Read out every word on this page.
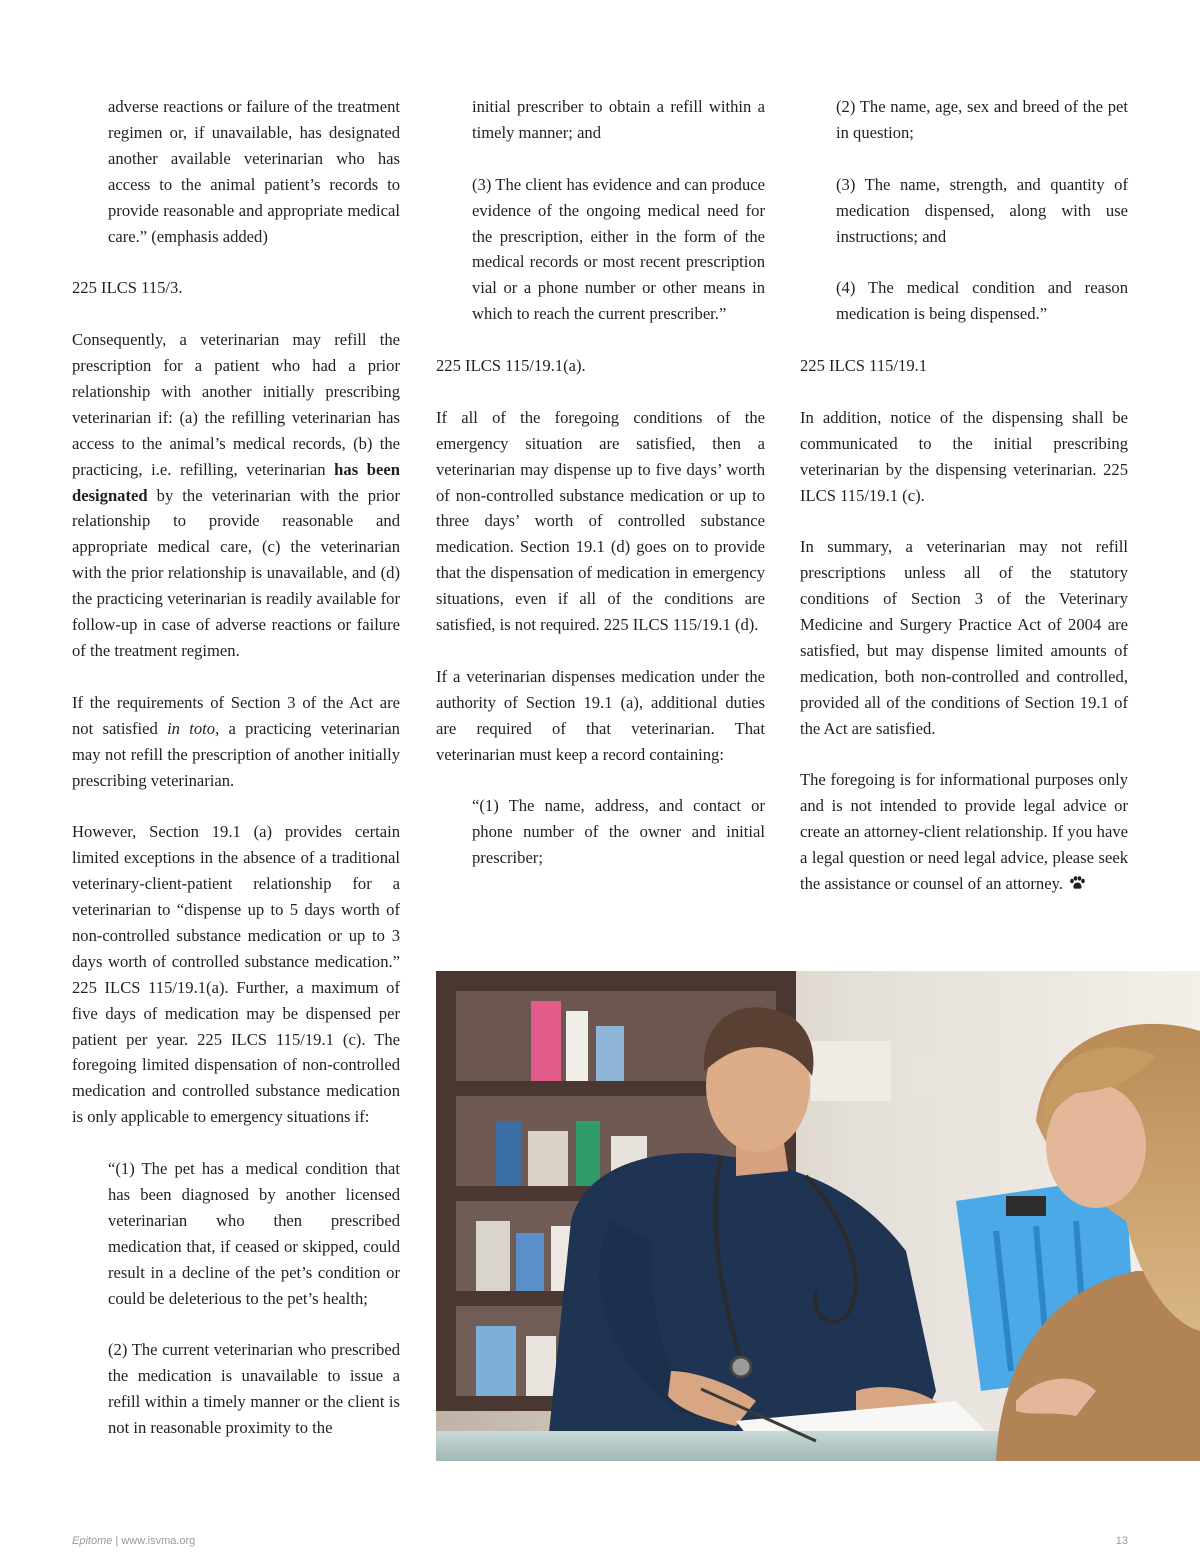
adverse reactions or failure of the treatment regimen or, if unavailable, has designated another available veterinarian who has access to the animal patient’s records to provide reasonable and appropriate medical care.” (emphasis added)

225 ILCS 115/3.

Consequently, a veterinarian may refill the prescription for a patient who had a prior relationship with another initially prescribing veterinarian if: (a) the refilling veterinarian has access to the animal’s medical records, (b) the practicing, i.e. refilling, veterinarian has been designated by the veterinarian with the prior relationship to provide reasonable and appropriate medical care, (c) the veterinarian with the prior relationship is unavailable, and (d) the practicing veterinarian is readily available for follow-up in case of adverse reactions or failure of the treatment regimen.

If the requirements of Section 3 of the Act are not satisfied in toto, a practicing veterinarian may not refill the prescription of another initially prescribing veterinarian.

However, Section 19.1 (a) provides certain limited exceptions in the absence of a traditional veterinary-client-patient relationship for a veterinarian to “dispense up to 5 days worth of non-controlled substance medication or up to 3 days worth of controlled substance medication.” 225 ILCS 115/19.1(a). Further, a maximum of five days of medication may be dispensed per patient per year. 225 ILCS 115/19.1 (c). The foregoing limited dispensation of non-controlled medication and controlled substance medication is only applicable to emergency situations if:

“(1) The pet has a medical condition that has been diagnosed by another licensed veterinarian who then prescribed medication that, if ceased or skipped, could result in a decline of the pet’s condition or could be deleterious to the pet’s health;

(2) The current veterinarian who prescribed the medication is unavailable to issue a refill within a timely manner or the client is not in reasonable proximity to the

initial prescriber to obtain a refill within a timely manner; and

(3) The client has evidence and can produce evidence of the ongoing medical need for the prescription, either in the form of the medical records or most recent prescription vial or a phone number or other means in which to reach the current prescriber.”

225 ILCS 115/19.1(a).

If all of the foregoing conditions of the emergency situation are satisfied, then a veterinarian may dispense up to five days’ worth of non-controlled substance medication or up to three days’ worth of controlled substance medication. Section 19.1 (d) goes on to provide that the dispensation of medication in emergency situations, even if all of the conditions are satisfied, is not required. 225 ILCS 115/19.1 (d).

If a veterinarian dispenses medication under the authority of Section 19.1 (a), additional duties are required of that veterinarian. That veterinarian must keep a record containing:

“(1) The name, address, and contact or phone number of the owner and initial prescriber;

(2) The name, age, sex and breed of the pet in question;

(3) The name, strength, and quantity of medication dispensed, along with use instructions; and

(4) The medical condition and reason medication is being dispensed.”

225 ILCS 115/19.1

In addition, notice of the dispensing shall be communicated to the initial prescribing veterinarian by the dispensing veterinarian. 225 ILCS 115/19.1 (c).

In summary, a veterinarian may not refill prescriptions unless all of the statutory conditions of Section 3 of the Veterinary Medicine and Surgery Practice Act of 2004 are satisfied, but may dispense limited amounts of medication, both non-controlled and controlled, provided all of the conditions of Section 19.1 of the Act are satisfied.

The foregoing is for informational purposes only and is not intended to provide legal advice or create an attorney-client relationship. If you have a legal question or need legal advice, please seek the assistance or counsel of an attorney.

Epitome | www.isvma.org	13
